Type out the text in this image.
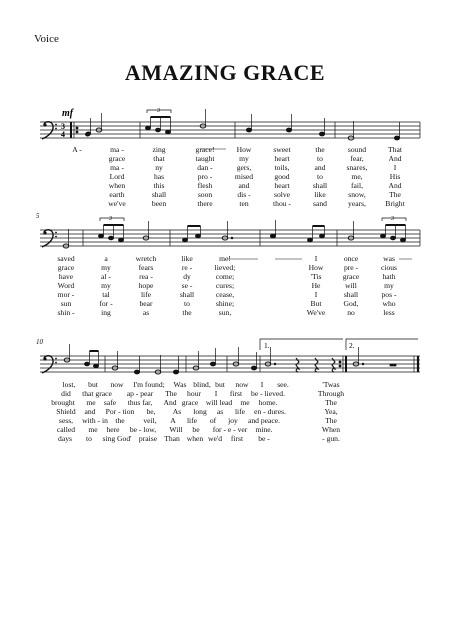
Voice
AMAZING GRACE
5
10
3
4
mf	3
3	3
1.	2.
A -	ma -	zing	grace!	How	sweet	the	sound	That
grace	that	taught	my	heart	to	fear,	And
ma -	ny	dan -	gers,	toils,	and	snares,	I
Lord	has	pro -	mised	good	to	me,	His
when	this	flesh	and	heart	shall	fail,	And
earth	shall	soon	dis -	solve	like	snow,	The
we've	been	there	ten	thou -	sand	years,	Bright
saved	a	wretch	like	me!	I	once	was
grace	my	fears	re -	lieved;	How	pre -	cious
have	al -	rea -	dy	come;	'Tis	grace	hath
Word	my	hope	se -	cures;	He	will	my
mor -	tal	life	shall	cease,	I	shall	pos -
sun	for -	bear	to	shine;	But	God,	who
shin -	ing	as	the	sun,	We've	no	less
lost, but now I'm found; Was blind, but now I see.	'Twas
did that grace ap - pear The hour I first be - lieved.	Through
brought me safe thus far, And grace will lead me home.	The
Shield and Por - tion be, As long as life en - dures.	Yea,
sess, with - in the veil, A life of joy and peace.	The
called me here be - low, Will be for - e - ver mine.	When
days to sing God' praise Than when we'd first be -	- gun.
